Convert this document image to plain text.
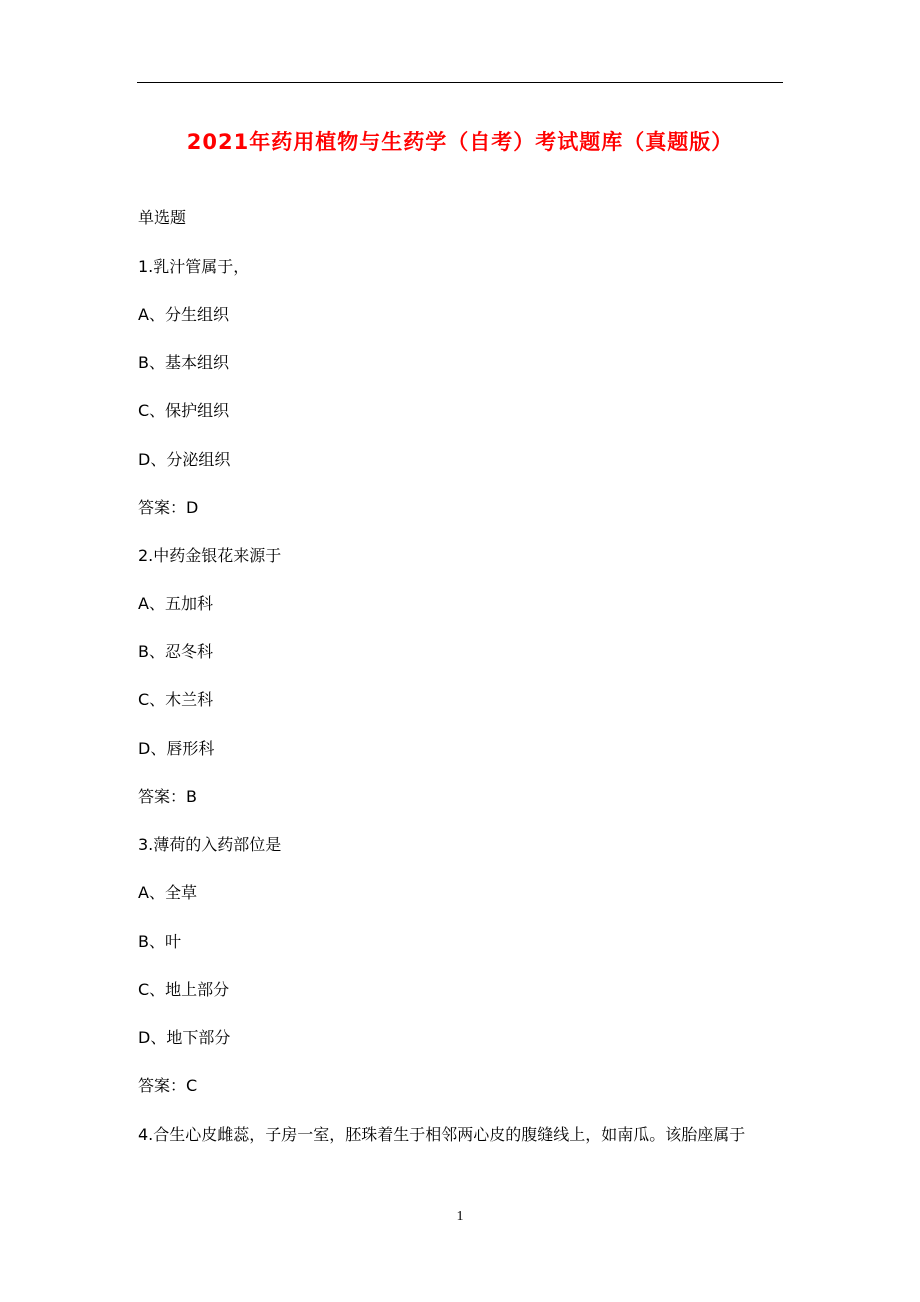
2021年药用植物与生药学（自考）考试题库（真题版）
单选题
1.乳汁管属于，
A、分生组织
B、基本组织
C、保护组织
D、分泌组织
答案：D
2.中药金银花来源于
A、五加科
B、忍冬科
C、木兰科
D、唇形科
答案：B
3.薄荷的入药部位是
A、全草
B、叶
C、地上部分
D、地下部分
答案：C
4.合生心皮雌蕊，子房一室，胚珠着生于相邻两心皮的腹缝线上，如南瓜。该胎座属于
1
